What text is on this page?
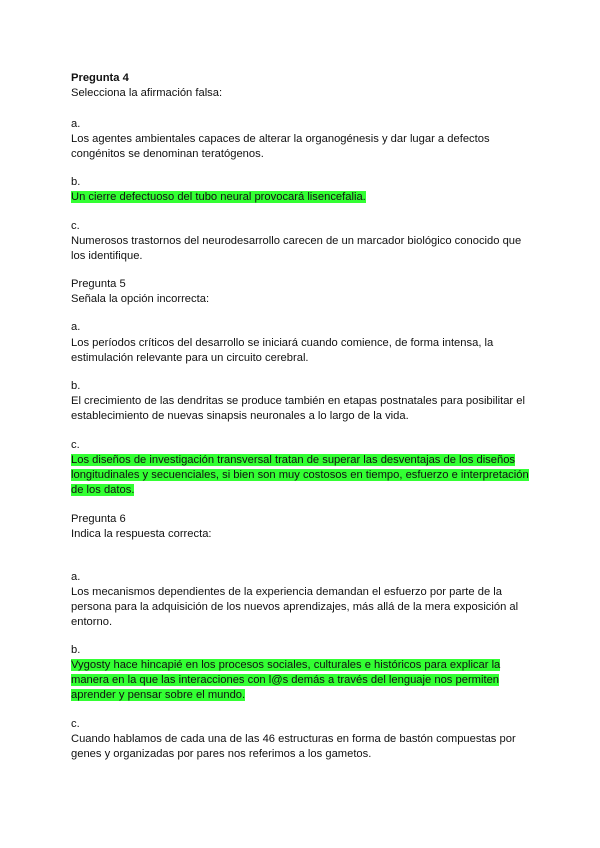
Pregunta 4
Selecciona la afirmación falsa:
a.
Los agentes ambientales capaces de alterar la organogénesis y dar lugar a defectos
congénitos se denominan teratógenos.
b.
Un cierre defectuoso del tubo neural provocará lisencefalia.
c.
Numerosos trastornos del neurodesarrollo carecen de un marcador biológico conocido que
los identifique.
Pregunta 5
Señala la opción incorrecta:
a.
Los períodos críticos del desarrollo se iniciará cuando comience, de forma intensa, la
estimulación relevante para un circuito cerebral.
b.
El crecimiento de las dendritas se produce también en etapas postnatales para posibilitar el
establecimiento de nuevas sinapsis neuronales a lo largo de la vida.
c.
Los diseños de investigación transversal tratan de superar las desventajas de los diseños
longitudinales y secuenciales, si bien son muy costosos en tiempo, esfuerzo e interpretación
de los datos.
Pregunta 6
Indica la respuesta correcta:
a.
Los mecanismos dependientes de la experiencia demandan el esfuerzo por parte de la
persona para la adquisición de los nuevos aprendizajes, más allá de la mera exposición al
entorno.
b.
Vygosty hace hincapié en los procesos sociales, culturales e históricos para explicar la
manera en la que las interacciones con l@s demás a través del lenguaje nos permiten
aprender y pensar sobre el mundo.
c.
Cuando hablamos de cada una de las 46 estructuras en forma de bastón compuestas por
genes y organizadas por pares nos referimos a los gametos.
